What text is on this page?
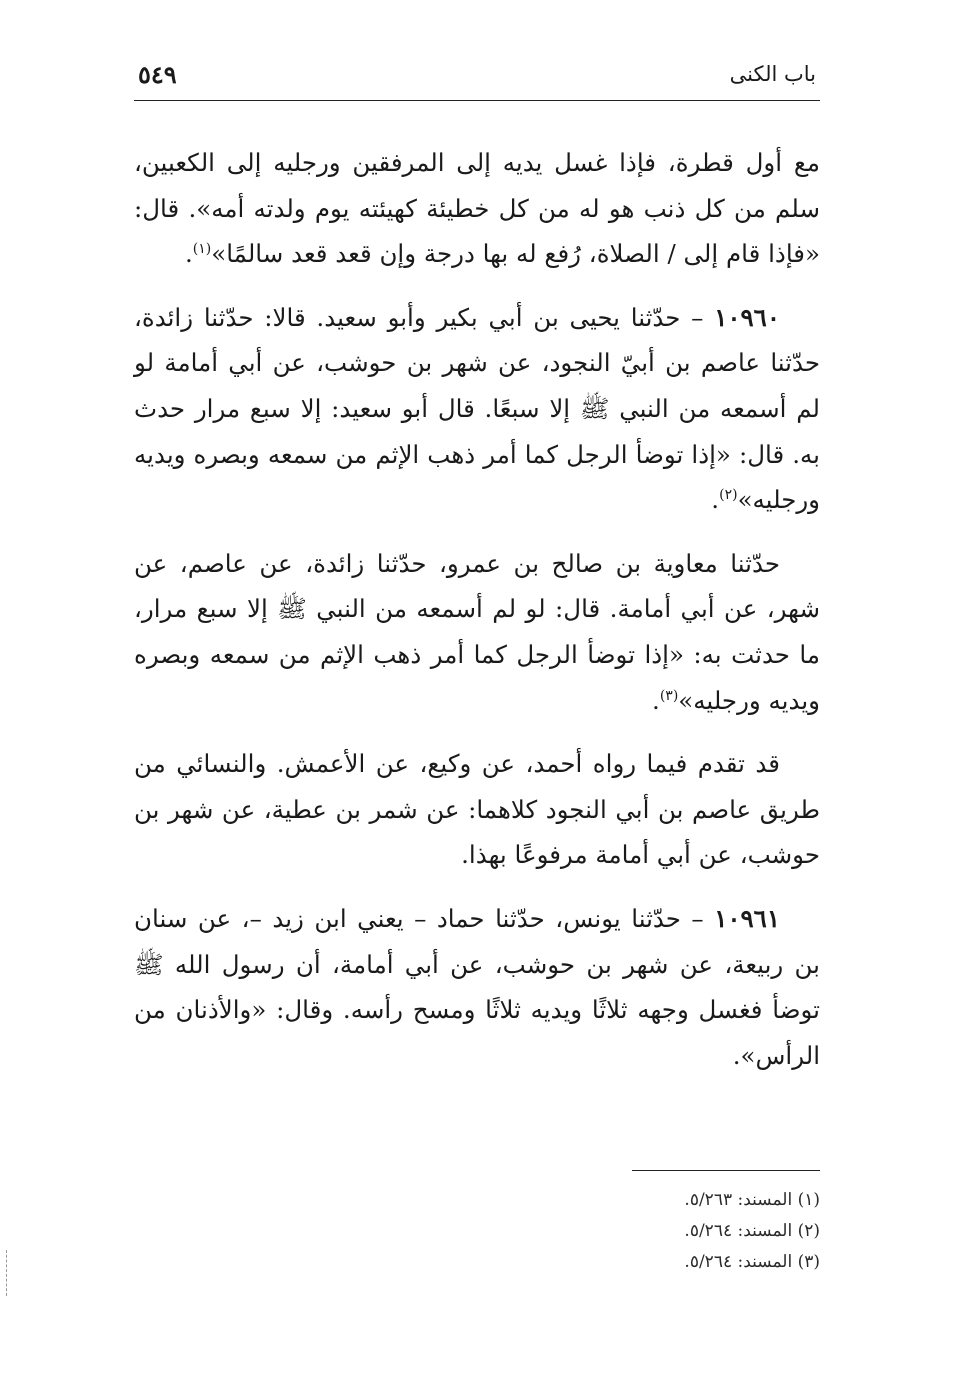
باب الكنى
٥٤٩

مع أول قطرة، فإذا غسل يديه إلى المرفقين ورجليه إلى الكعبين، سلم من كل ذنب هو له من كل خطيئة كهيئته يوم ولدته أمه». قال: «فإذا قام إلى / الصلاة، رُفع له بها درجة وإن قعد قعد سالمًا»$^{(١)}$.

١٠٩٦٠ – حدّثنا يحيى بن أبي بكير وأبو سعيد. قالا: حدّثنا زائدة، حدّثنا عاصم بن أبيّ النجود، عن شهر بن حوشب، عن أبي أمامة لو لم أسمعه من النبي ﷺ إلا سبعًا. قال أبو سعيد: إلا سبع مرار حدث به. قال: «إذا توضأ الرجل كما أمر ذهب الإثم من سمعه وبصره ويديه ورجليه»$^{(٢)}$.

حدّثنا معاوية بن صالح بن عمرو، حدّثنا زائدة، عن عاصم، عن شهر، عن أبي أمامة. قال: لو لم أسمعه من النبي ﷺ إلا سبع مرار، ما حدثت به: «إذا توضأ الرجل كما أمر ذهب الإثم من سمعه وبصره ويديه ورجليه»$^{(٣)}$.

قد تقدم فيما رواه أحمد، عن وكيع، عن الأعمش. والنسائي من طريق عاصم بن أبي النجود كلاهما: عن شمر بن عطية، عن شهر بن حوشب، عن أبي أمامة مرفوعًا بهذا.

١٠٩٦١ – حدّثنا يونس، حدّثنا حماد – يعني ابن زيد –، عن سنان بن ربيعة، عن شهر بن حوشب، عن أبي أمامة، أن رسول الله ﷺ توضأ فغسل وجهه ثلاثًا ويديه ثلاثًا ومسح رأسه. وقال: «والأذنان من الرأس».

(١) المسند: ٥/٢٦٣.
(٢) المسند: ٥/٢٦٤.
(٣) المسند: ٥/٢٦٤.
